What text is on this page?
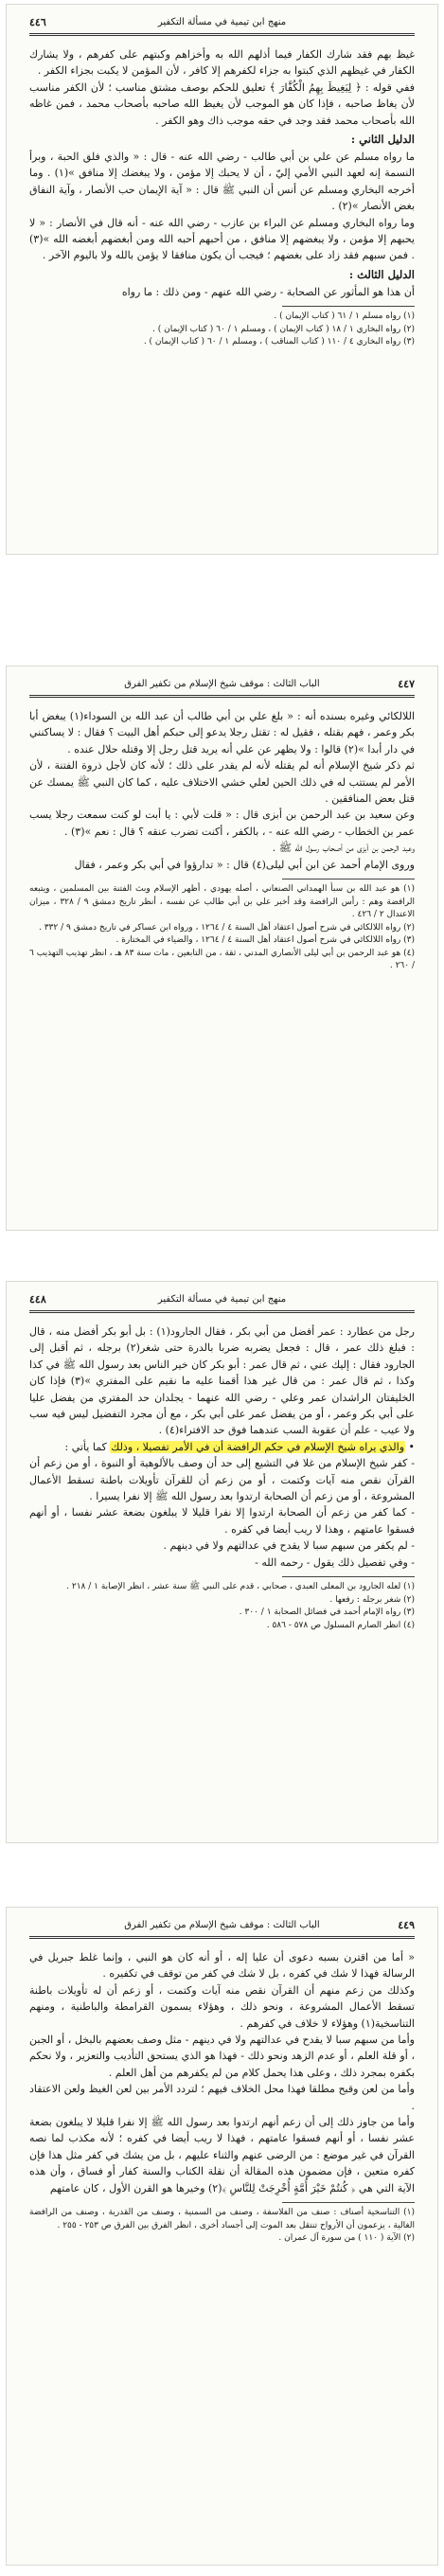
٤٤٦	منهج ابن تيمية في مسألة التكفير

غيظ بهم فقد شارك الكفار فيما أذلهم الله به وأخزاهم وكبتهم على كفرهم ، ولا يشارك الكفار في غيظهم الذي كبتوا به جزاء لكفرهم إلا كافر ، لأن المؤمن لا يكبت بجزاء الكفر .

ففي قوله : ﴿ لِيَغِيظَ بِهِمُ الْكُفَّارَ ﴾ تعليق للحكم بوصف مشتق مناسب ؛ لأن الكفر مناسب لأن يغاظ صاحبه ، فإذا كان هو الموجب لأن يغيظ الله صاحبه بأصحاب محمد ، فمن غاظه الله بأصحاب محمد فقد وجد في حقه موجب ذاك وهو الكفر .

الدليل الثاني :

ما رواه مسلم عن علي بن أبي طالب - رضي الله عنه - قال : « والذي فلق الحبة ، وبرأ النسمة إنه لعهد النبي الأمي إليّ ، أن لا يحبك إلا مؤمن ، ولا يبغضك إلا منافق »(١) . وما أخرجه البخاري ومسلم عن أنس أن النبي ﷺ قال : « آية الإيمان حب الأنصار ، وآية النفاق بغض الأنصار »(٢) .

وما رواه البخاري ومسلم عن البراء بن عازب - رضي الله عنه - أنه قال في الأنصار : « لا يحبهم إلا مؤمن ، ولا يبغضهم إلا منافق ، من أحبهم أحبه الله ومن أبغضهم أبغضه الله »(٣) . فمن سبهم فقد زاد على بغضهم ؛ فيجب أن يكون منافقا لا يؤمن بالله ولا باليوم الآخر .

الدليل الثالث :

أن هذا هو المأثور عن الصحابة - رضي الله عنهم - ومن ذلك : ما رواه

(١) رواه مسلم ١ / ٦١ ( كتاب الإيمان ) .

(٢) رواه البخاري ١ / ١٨ ( كتاب الإيمان ) ، ومسلم ١ / ٦٠ ( كتاب الإيمان ) .

(٣) رواه البخاري ٤ / ١١٠ ( كتاب المناقب ) ، ومسلم ١ / ٦٠ ( كتاب الإيمان ) .

٤٤٧
الباب الثالث : موقف شيخ الإسلام من تكفير الفرق

اللالكائي وغيره بسنده أنه : « بلغ علي بن أبي طالب أن عبد الله بن السوداء(١) يبغض أبا بكر وعمر ، فهم بقتله ، فقيل له : تقتل رجلا يدعو إلى حبكم أهل البيت ؟ فقال : لا يساكنني في دار أبدا »(٢) قالوا : ولا يظهر عن علي أنه يريد قتل رجل إلا وقتله حلال عنده .

ثم ذكر شيخ الإسلام أنه لم يقتله لأنه لم يقدر على ذلك ؛ لأنه كان لأجل ذروة الفتنة ، لأن الأمر لم يستتب له في ذلك الحين لعلي خشي الاختلاف عليه ، كما كان النبي ﷺ يمسك عن قتل بعض المنافقين .

وعن سعيد بن عبد الرحمن بن أبزى قال : « قلت لأبي : يا أبت لو كنت سمعت رجلا يسب عمر بن الخطاب - رضي الله عنه - ، بالكفر ، أكنت تضرب عنقه ؟ قال : نعم »(٣) .

وعبد الرحمن بن أبزى من أصحاب رسول الله ﷺ .

وروى الإمام أحمد عن ابن أبي ليلى(٤) قال : « تدارؤوا في أبي بكر وعمر ، فقال

(١) هو عبد الله بن سبأ الهمداني الصنعاني ، أصله يهودي ، أظهر الإسلام وبث الفتنة بين المسلمين ، ويتبعه الرافضة وهم : رأس الرافضة وقد أخبر علي بن أبي طالب عن نفسه ، أنظر تاريخ دمشق ٩ / ٣٢٨ ، ميزان الاعتدال ٢ / ٤٢٦ .

(٢) رواه اللالكائي في شرح أصول اعتقاد أهل السنة ٤ / ١٢٦٤ ، ورواه ابن عساكر في تاريخ دمشق ٩ / ٣٣٢ .

(٣) رواه اللالكائي في شرح أصول اعتقاد أهل السنة ٤ / ١٢٦٤ ، والضياء في المختارة .

(٤) هو عبد الرحمن بن أبي ليلى الأنصاري المدني ، ثقة ، من التابعين ، مات سنة ٨٣ هـ ، انظر تهذيب التهذيب ٦ / ٢٦٠ .

٤٤٨	منهج ابن تيمية في مسألة التكفير

رجل من عطارد : عمر أفضل من أبي بكر ، فقال الجارود(١) : بل أبو بكر أفضل منه ، قال : فبلغ ذلك عمر ، قال : فجعل يضربه ضربا بالدرة حتى شغر(٢) برجله ، ثم أقبل إلى الجارود فقال : إليك عني ، ثم قال عمر : أبو بكر كان خير الناس بعد رسول الله ﷺ في كذا وكذا ، ثم قال عمر : من قال غير هذا أقمنا عليه ما نقيم على المفتري »(٣) فإذا كان الخليفتان الراشدان عمر وعلي - رضي الله عنهما - يجلدان حد المفتري من يفضل عليا على أبي بكر وعمر ، أو من يفضل عمر على أبي بكر ، مع أن مجرد التفضيل ليس فيه سب ولا عيب - علم أن عقوبة السب عندهما فوق حد الافتراء(٤) .

• والذي يراه شيخ الإسلام في حكم الرافضة أن في الأمر تفصيلا ، وذلك كما يأتي :

- كفر شيخ الإسلام من غلا في التشيع إلى حد أن وصف بالألوهية أو النبوة ، أو من زعم أن القرآن نقص منه آيات وكتمت ، أو من زعم أن للقرآن تأويلات باطنة تسقط الأعمال المشروعة ، أو من زعم أن الصحابة ارتدوا بعد رسول الله ﷺ إلا نفرا يسيرا .

- كما كفر من زعم أن الصحابة ارتدوا إلا نفرا قليلا لا يبلغون بضعة عشر نفسا ، أو أنهم فسقوا عامتهم ، وهذا لا ريب أيضا في كفره .

- لم يكفر من سبهم سبا لا يقدح في عدالتهم ولا في دينهم .

- وفي تفصيل ذلك يقول - رحمه الله -

(١) لعله الجارود بن المعلى العبدي ، صحابي ، قدم على النبي ﷺ سنة عشر ، انظر الإصابة ١ / ٢١٨ .

(٢) شغر برجله : رفعها .

(٣) رواه الإمام أحمد في فضائل الصحابة ١ / ٣٠٠ .

(٤) انظر الصارم المسلول ص ٥٧٨ - ٥٨٦ .

٤٤٩
الباب الثالث : موقف شيخ الإسلام من تكفير الفرق

« أما من اقترن بسبه دعوى أن عليا إله ، أو أنه كان هو النبي ، وإنما غلط جبريل في الرسالة فهذا لا شك في كفره ، بل لا شك في كفر من توقف في تكفيره .

وكذلك من زعم منهم أن القرآن نقص منه آيات وكتمت ، أو زعم أن له تأويلات باطنة تسقط الأعمال المشروعة ، ونحو ذلك ، وهؤلاء يسمون القرامطة والباطنية ، ومنهم التناسخية(١) وهؤلاء لا خلاف في كفرهم .

وأما من سبهم سبا لا يقدح في عدالتهم ولا في دينهم - مثل وصف بعضهم بالبخل ، أو الجبن ، أو قلة العلم ، أو عدم الزهد ونحو ذلك - فهذا هو الذي يستحق التأديب والتعزير ، ولا نحكم بكفره بمجرد ذلك ، وعلى هذا يحمل كلام من لم يكفرهم من أهل العلم .

وأما من لعن وقبح مطلقا فهذا محل الخلاف فيهم ؛ لتردد الأمر بين لعن الغيظ ولعن الاعتقاد .

وأما من جاوز ذلك إلى أن زعم أنهم ارتدوا بعد رسول الله ﷺ إلا نفرا قليلا لا يبلغون بضعة عشر نفسا ، أو أنهم فسقوا عامتهم ، فهذا لا ريب أيضا في كفره ؛ لأنه مكذب لما نصه القرآن في غير موضع : من الرضى عنهم والثناء عليهم ، بل من يشك في كفر مثل هذا فإن كفره متعين ، فإن مضمون هذه المقالة أن نقلة الكتاب والسنة كفار أو فساق ، وأن هذه الآية التي هي ﴿ كُنتُمْ خَيْرَ أُمَّةٍ أُخْرِجَتْ لِلنَّاسِ ﴾(٢) وخيرها هو القرن الأول ، كان عامتهم

(١) التناسخية أصناف : صنف من الفلاسفة ، وصنف من السمنية ، وصنف من القدرية ، وصنف من الرافضة الغالية ، يزعمون أن الأرواح تنتقل بعد الموت إلى أجساد أخرى ، انظر الفرق بين الفرق ص ٢٥٣ - ٢٥٥ .

(٢) الآية ( ١١٠ ) من سورة آل عمران .
